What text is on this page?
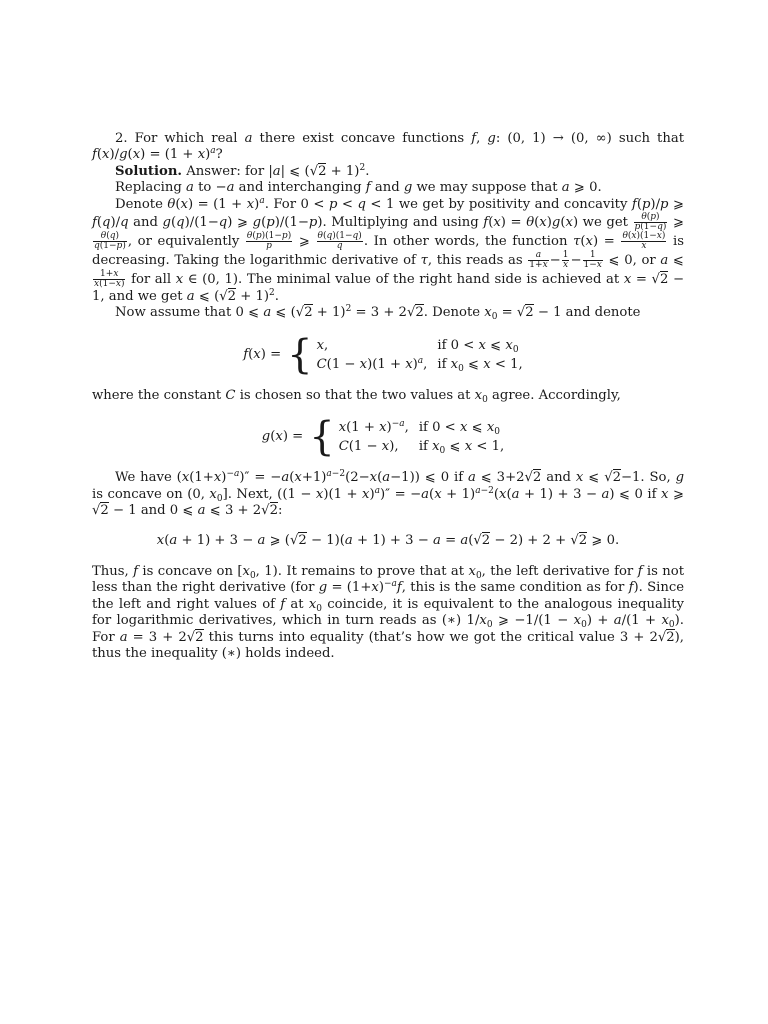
2. For which real a there exist concave functions f, g: (0, 1) → (0, ∞) such that $f(x)/g(x) = (1 + x)^a$?

Solution. Answer: for |a| ⩽ $(√2 + 1)^2$.

Replacing a to −a and interchanging f and g we may suppose that a ⩾ 0.

Denote $\theta(x) = (1 + x)^a$. For 0 < p < q < 1 we get by positivity and concavity f(p)/p ⩾ f(q)/q and g(q)/(1−q) ⩾ g(p)/(1−p). Multiplying and using f(x) = θ(x)g(x) we get $\frac{\theta(p)}{p(1-q)}$ ⩾
$\frac{\theta(q)}{q(1-p)}$ , or equivalently $\frac{\theta(p)(1-p)}{p}$ ⩾ $\frac{\theta(q)(1-q)}{q}$ . In other words, the function $\tau(x) = \frac{\theta(x)(1-x)}{x}$ is decreasing. Taking the logarithmic derivative of τ, this reads as $\frac{a}{1+x} - \frac{1}{x} - \frac{1}{1-x}$ ⩽ 0, or a ⩽
$\frac{1+x}{x(1-x)}$ for all x ∈ (0, 1). The minimal value of the right hand side is achieved at x = √2 − 1, and we get a ⩽ $(√2 + 1)^2$.

Now assume that 0 ⩽ a ⩽ $(√2 + 1)^2 = 3 + 2√2$. Denote $x_0 = √2 - 1$ and denote

f(x) = { x,	if 0 < x ⩽ $x_0$
$C(1 - x)(1 + x)^a$,	if $x_0$ ⩽ x < 1,

where the constant C is chosen so that the two values at $x_0$ agree. Accordingly,

g(x) = { $x(1 + x)^{-a}$,	if 0 < x ⩽ $x_0$
C(1 − x),	if $x_0$ ⩽ x < 1,

We have $(x(1+x)^{-a})'' = -a(x+1)^{a-2}(2-x(a-1))$ ⩽ 0 if a ⩽ 3+2√2 and x ⩽ √2−1. So, g is concave on (0, $x_0$]. Next, $((1 - x)(1 + x)^a)'' = -a(x + 1)^{a-2}(x(a + 1) + 3 - a)$ ⩽ 0 if x ⩾ √2 − 1 and 0 ⩽ a ⩽ 3 + 2√2:

x(a + 1) + 3 − a ⩾ (√2 − 1)(a + 1) + 3 − a = a(√2 − 2) + 2 + √2 ⩾ 0.

Thus, f is concave on [$x_0$, 1). It remains to prove that at $x_0$, the left derivative for f is not less than the right derivative (for $g = (1+x)^{-a}f$, this is the same condition as for f). Since the left and right values of f at $x_0$ coincide, it is equivalent to the analogous inequality for logarithmic derivatives, which in turn reads as (∗) $1/x_0$ ⩾ $-1/(1 - x_0) + a/(1 + x_0)$. For a = 3 + 2√2 this turns into equality (that’s how we got the critical value 3 + 2√2), thus the inequality (∗) holds indeed.
